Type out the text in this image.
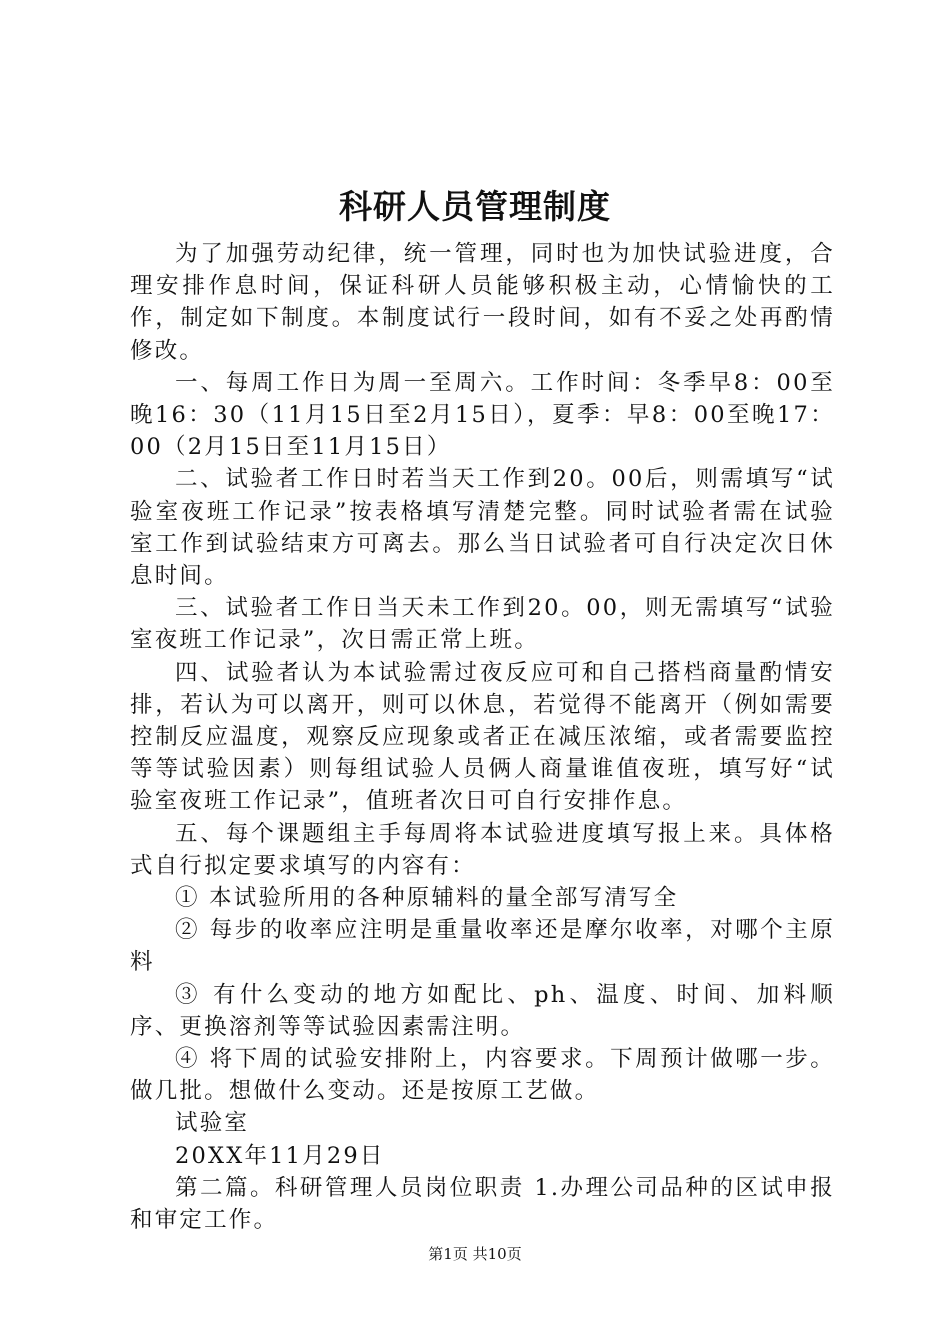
科研人员管理制度

为了加强劳动纪律，统一管理，同时也为加快试验进度，合理安排作息时间，保证科研人员能够积极主动，心情愉快的工作，制定如下制度。本制度试行一段时间，如有不妥之处再酌情修改。

一、每周工作日为周一至周六。工作时间：冬季早8：00至晚16：30（11月15日至2月15日），夏季：早8：00至晚17：00（2月15日至11月15日）

二、试验者工作日时若当天工作到20。00后，则需填写“试验室夜班工作记录”按表格填写清楚完整。同时试验者需在试验室工作到试验结束方可离去。那么当日试验者可自行决定次日休息时间。

三、试验者工作日当天未工作到20。00，则无需填写“试验室夜班工作记录”，次日需正常上班。

四、试验者认为本试验需过夜反应可和自己搭档商量酌情安排，若认为可以离开，则可以休息，若觉得不能离开（例如需要控制反应温度，观察反应现象或者正在减压浓缩，或者需要监控等等试验因素）则每组试验人员俩人商量谁值夜班，填写好“试验室夜班工作记录”，值班者次日可自行安排作息。

五、每个课题组主手每周将本试验进度填写报上来。具体格式自行拟定要求填写的内容有：

① 本试验所用的各种原辅料的量全部写清写全

② 每步的收率应注明是重量收率还是摩尔收率，对哪个主原料

③ 有什么变动的地方如配比、ph、温度、时间、加料顺序、更换溶剂等等试验因素需注明。

④ 将下周的试验安排附上，内容要求。下周预计做哪一步。做几批。想做什么变动。还是按原工艺做。

试验室

20XX年11月29日

第二篇。科研管理人员岗位职责 1.办理公司品种的区试申报和审定工作。

第1页 共10页
